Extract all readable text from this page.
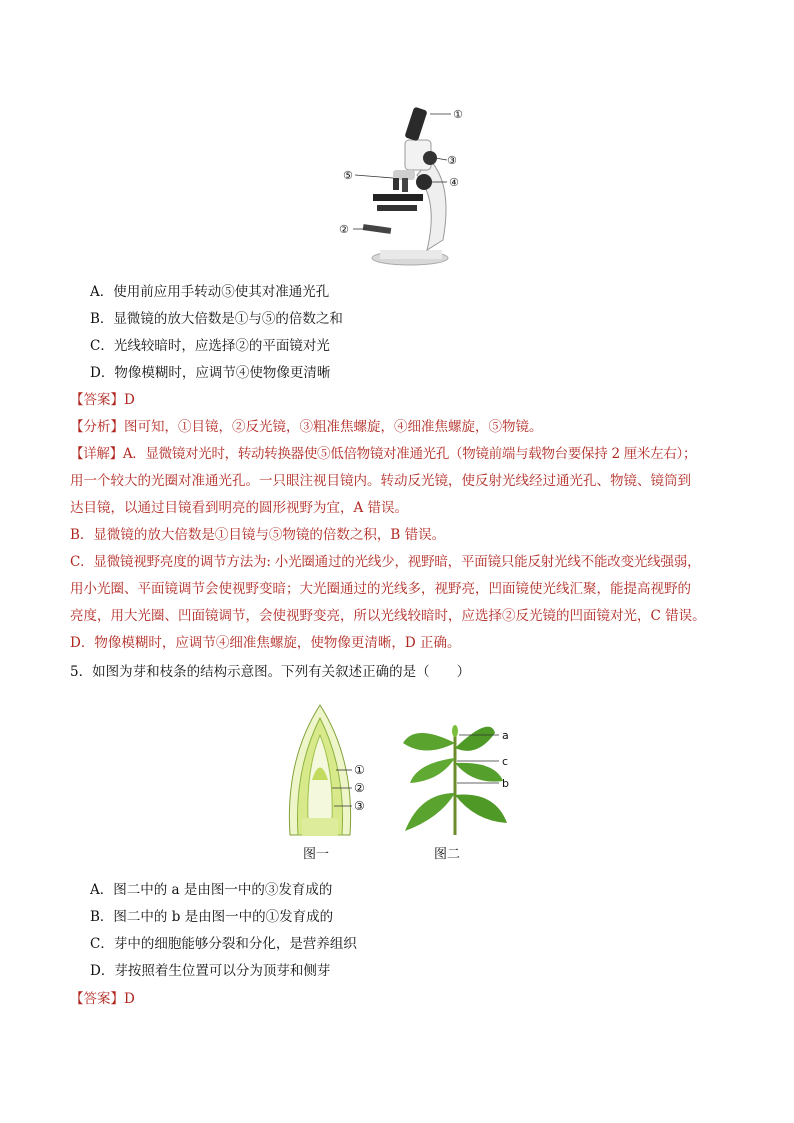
①
③
⑤
④
②
A．使用前应用手转动⑤使其对准通光孔
B．显微镜的放大倍数是①与⑤的倍数之和
C．光线较暗时，应选择②的平面镜对光
D．物像模糊时，应调节④使物像更清晰
【答案】D
【分析】图可知，①目镜，②反光镜，③粗准焦螺旋，④细准焦螺旋，⑤物镜。
【详解】A．显微镜对光时，转动转换器使⑤低倍物镜对准通光孔（物镜前端与载物台要保持 2 厘米左右）；
用一个较大的光圈对准通光孔。一只眼注视目镜内。转动反光镜，使反射光线经过通光孔、物镜、镜筒到
达目镜，以通过目镜看到明亮的圆形视野为宜，A 错误。
B．显微镜的放大倍数是①目镜与⑤物镜的倍数之积，B 错误。
C．显微镜视野亮度的调节方法为: 小光圈通过的光线少，视野暗，平面镜只能反射光线不能改变光线强弱，
用小光圈、平面镜调节会使视野变暗；大光圈通过的光线多，视野亮，凹面镜使光线汇聚，能提高视野的
亮度，用大光圈、凹面镜调节，会使视野变亮，所以光线较暗时，应选择②反光镜的凹面镜对光，C 错误。
D．物像模糊时，应调节④细准焦螺旋，使物像更清晰，D 正确。
5．如图为芽和枝条的结构示意图。下列有关叙述正确的是（　　）
①
②
③
图一
a
c
b
图二
A．图二中的 a 是由图一中的③发育成的
B．图二中的 b 是由图一中的①发育成的
C．芽中的细胞能够分裂和分化，是营养组织
D．芽按照着生位置可以分为顶芽和侧芽
【答案】D
